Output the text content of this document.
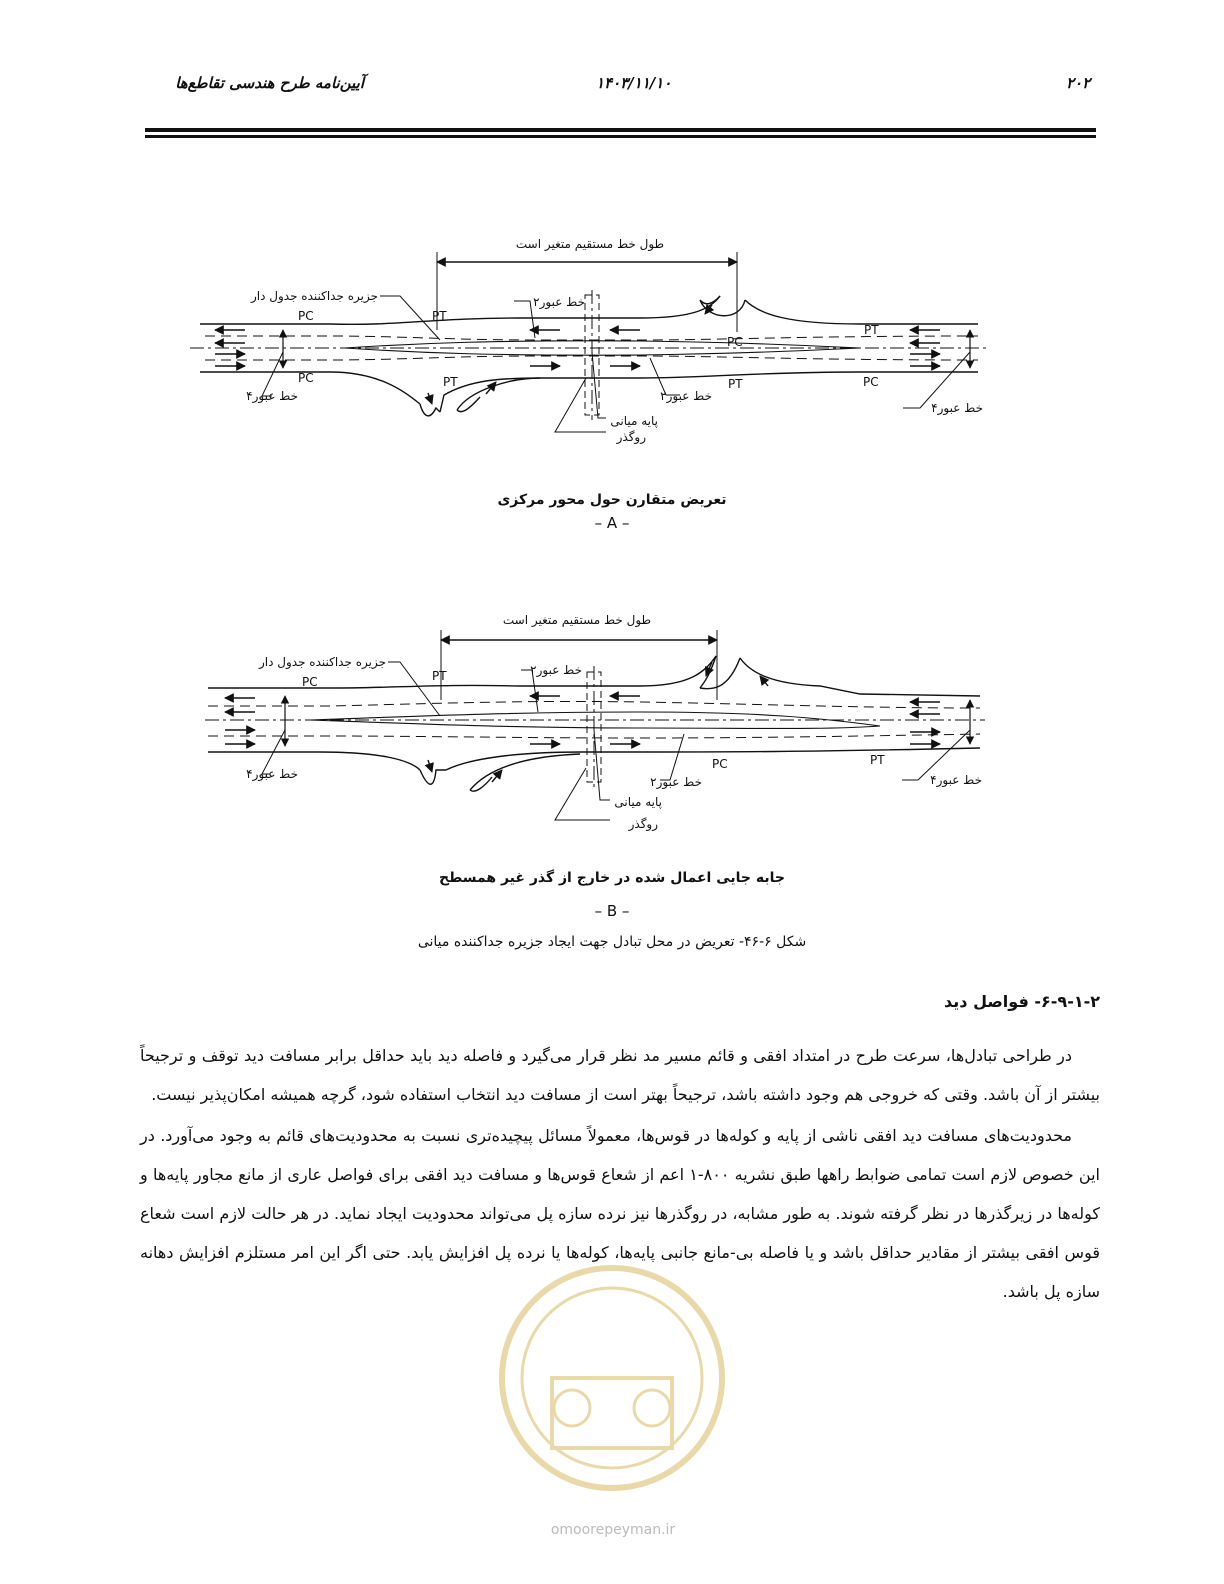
آیین‌نامه طرح هندسی تقاطع‌ها	۱۴۰۳/۱۱/۱۰	۲۰۲
طول خط مستقیم متغیر است
جزیره جداکننده جدول دار	۲خط عبور
۴خط عبور	۲خط عبور
۴خط عبور
پایه میانی
روگذر
PC
PC
PC
PC
PT
PT	PT
PT
طول خط مستقیم متغیر است
جزیره جداکننده جدول دار
۲خط عبور
۴خط عبور
۲خط عبور	۴خط عبور
پایه میانی
روگذر
PC
PC
PT
PT
تعریض متقارن حول محور مرکزی
– A –
جابه جایی اعمال شده در خارج از گذر غیر همسطح
– B –
شکل ۶-۴۶- تعریض در محل تبادل جهت ایجاد جزیره جداکننده میانی
۶-۹-۱-۲- فواصل دید

در طراحی تبادل‌ها، سرعت طرح در امتداد افقی و قائم مسیر مد نظر قرار می‌گیرد و فاصله دید باید حداقل برابر مسافت دید توقف و ترجیحاً بیشتر از آن باشد. وقتی که خروجی هم وجود داشته باشد، ترجیحاً بهتر است از مسافت دید انتخاب استفاده شود، گرچه همیشه امکان‌پذیر نیست.

محدودیت‌های مسافت دید افقی ناشی از پایه و کوله‌ها در قوس‌ها، معمولاً مسائل پیچیده‌تری نسبت به محدودیت‌های قائم به وجود می‌آورد. در این خصوص لازم است تمامی ضوابط راهها طبق نشریه ۸۰۰-۱ اعم از شعاع قوس‌ها و مسافت دید افقی برای فواصل عاری از مانع مجاور پایه‌ها و کوله‌ها در زیرگذرها در نظر گرفته شوند. به طور مشابه، در روگذرها نیز نرده سازه پل می‌تواند محدودیت ایجاد نماید. در هر حالت لازم است شعاع قوس افقی بیشتر از مقادیر حداقل باشد و یا فاصله بی-مانع جانبی پایه‌ها، کوله‌ها یا نرده پل افزایش یابد. حتی اگر این امر مستلزم افزایش دهانه سازه پل باشد.

omoorepeyman.ir
